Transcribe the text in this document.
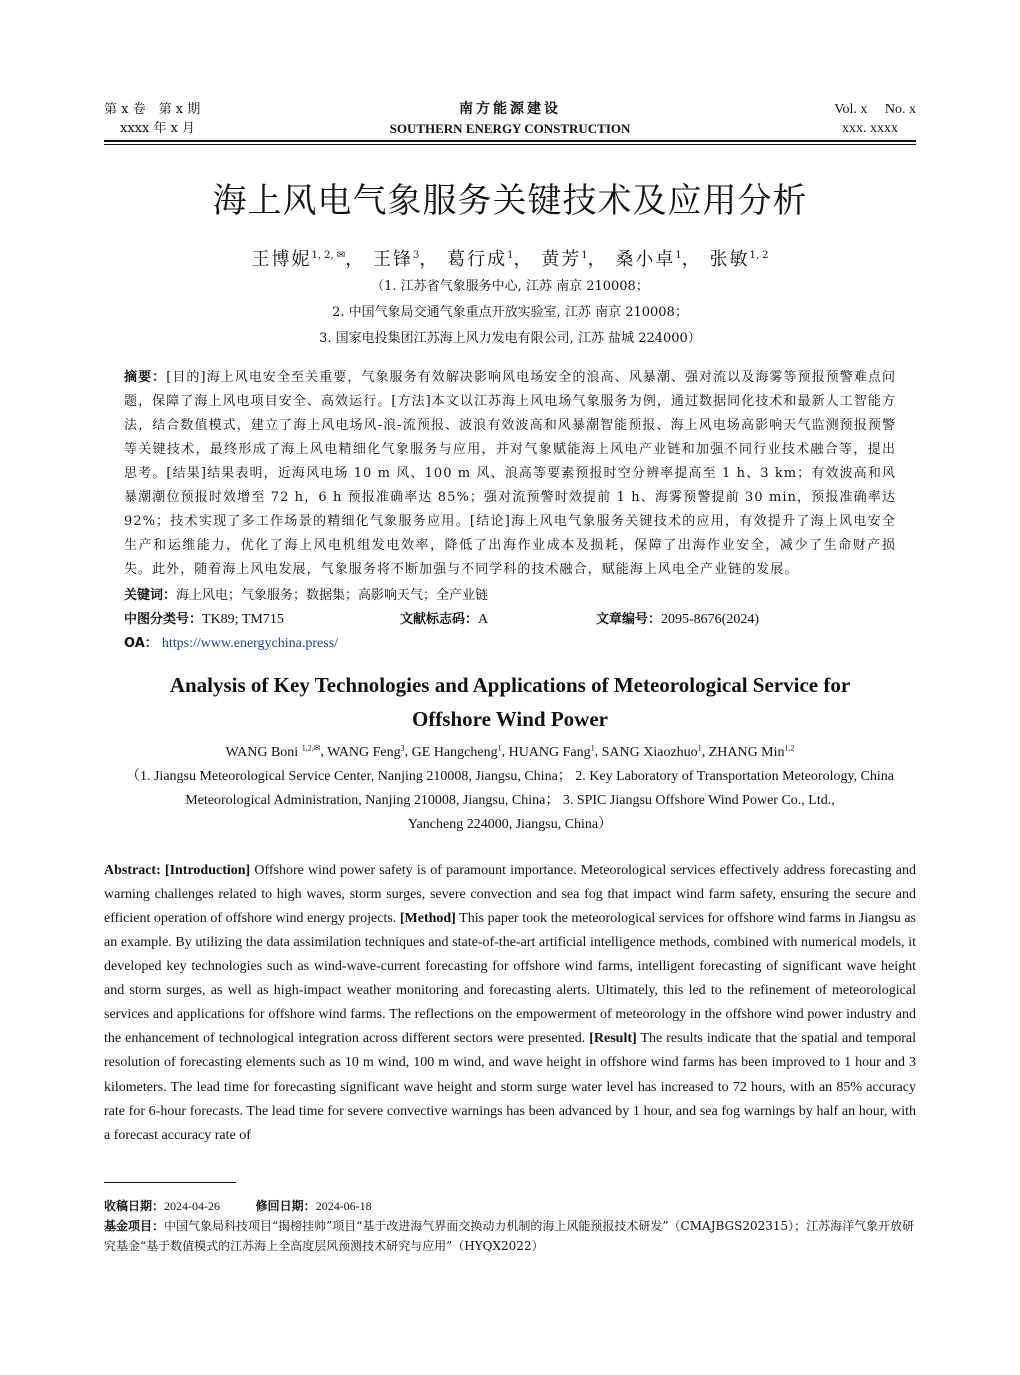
第 x 卷　第 x 期
xxxx 年 x 月
南方能源建设
SOUTHERN ENERGY CONSTRUCTION
Vol. x　 No. x
xxx. xxxx
海上风电气象服务关键技术及应用分析
王博妮$^{1, 2, ✉}$， 王锋$^3$， 葛行成$^1$， 黄芳$^1$， 桑小卓$^1$， 张敏$^{1, 2}$
（1. 江苏省气象服务中心, 江苏 南京 210008；
2. 中国气象局交通气象重点开放实验室, 江苏 南京 210008；
3. 国家电投集团江苏海上风力发电有限公司, 江苏 盐城 224000）
摘要：[目的]海上风电安全至关重要，气象服务有效解决影响风电场安全的浪高、风暴潮、强对流以及海雾等预报预警难点问题，保障了海上风电项目安全、高效运行。[方法]本文以江苏海上风电场气象服务为例，通过数据同化技术和最新人工智能方法，结合数值模式，建立了海上风电场风-浪-流预报、波浪有效波高和风暴潮智能预报、海上风电场高影响天气监测预报预警等关键技术，最终形成了海上风电精细化气象服务与应用，并对气象赋能海上风电产业链和加强不同行业技术融合等，提出思考。[结果]结果表明，近海风电场 10 m 风、100 m 风、浪高等要素预报时空分辨率提高至 1 h、3 km；有效波高和风暴潮潮位预报时效增至 72 h，6 h 预报准确率达 85%；强对流预警时效提前 1 h、海雾预警提前 30 min，预报准确率达 92%；技术实现了多工作场景的精细化气象服务应用。[结论]海上风电气象服务关键技术的应用，有效提升了海上风电安全生产和运维能力，优化了海上风电机组发电效率，降低了出海作业成本及损耗，保障了出海作业安全，减少了生命财产损失。此外，随着海上风电发展，气象服务将不断加强与不同学科的技术融合，赋能海上风电全产业链的发展。
关键词：海上风电；气象服务；数据集；高影响天气；全产业链
中图分类号：TK89; TM715	文献标志码：A	文章编号：2095-8676(2024)
OA： https://www.energychina.press/
Analysis of Key Technologies and Applications of Meteorological Service for
Offshore Wind Power
WANG Boni $^{1,2,✉}$, WANG Feng$^3$, GE Hangcheng$^1$, HUANG Fang$^1$, SANG Xiaozhuo$^1$, ZHANG Min$^{1,2}$
（1. Jiangsu Meteorological Service Center, Nanjing 210008, Jiangsu, China； 2. Key Laboratory of Transportation Meteorology, China
Meteorological Administration, Nanjing 210008, Jiangsu, China； 3. SPIC Jiangsu Offshore Wind Power Co., Ltd.,
Yancheng 224000, Jiangsu, China）
Abstract: [Introduction] Offshore wind power safety is of paramount importance. Meteorological services effectively address forecasting and warning challenges related to high waves, storm surges, severe convection and sea fog that impact wind farm safety, ensuring the secure and efficient operation of offshore wind energy projects. [Method] This paper took the meteorological services for offshore wind farms in Jiangsu as an example. By utilizing the data assimilation techniques and state-of-the-art artificial intelligence methods, combined with numerical models, it developed key technologies such as wind-wave-current forecasting for offshore wind farms, intelligent forecasting of significant wave height and storm surges, as well as high-impact weather monitoring and forecasting alerts. Ultimately, this led to the refinement of meteorological services and applications for offshore wind farms. The reflections on the empowerment of meteorology in the offshore wind power industry and the enhancement of technological integration across different sectors were presented. [Result] The results indicate that the spatial and temporal resolution of forecasting elements such as 10 m wind, 100 m wind, and wave height in offshore wind farms has been improved to 1 hour and 3 kilometers. The lead time for forecasting significant wave height and storm surge water level has increased to 72 hours, with an 85% accuracy rate for 6-hour forecasts. The lead time for severe convective warnings has been advanced by 1 hour, and sea fog warnings by half an hour, with a forecast accuracy rate of
收稿日期：2024-04-26	修回日期：2024-06-18
基金项目：中国气象局科技项目“揭榜挂帅”项目“基于改进海气界面交换动力机制的海上风能预报技术研发”（CMAJBGS202315）；江苏海洋气象开放研究基金“基于数值模式的江苏海上全高度层风预测技术研究与应用”（HYQX2022）
